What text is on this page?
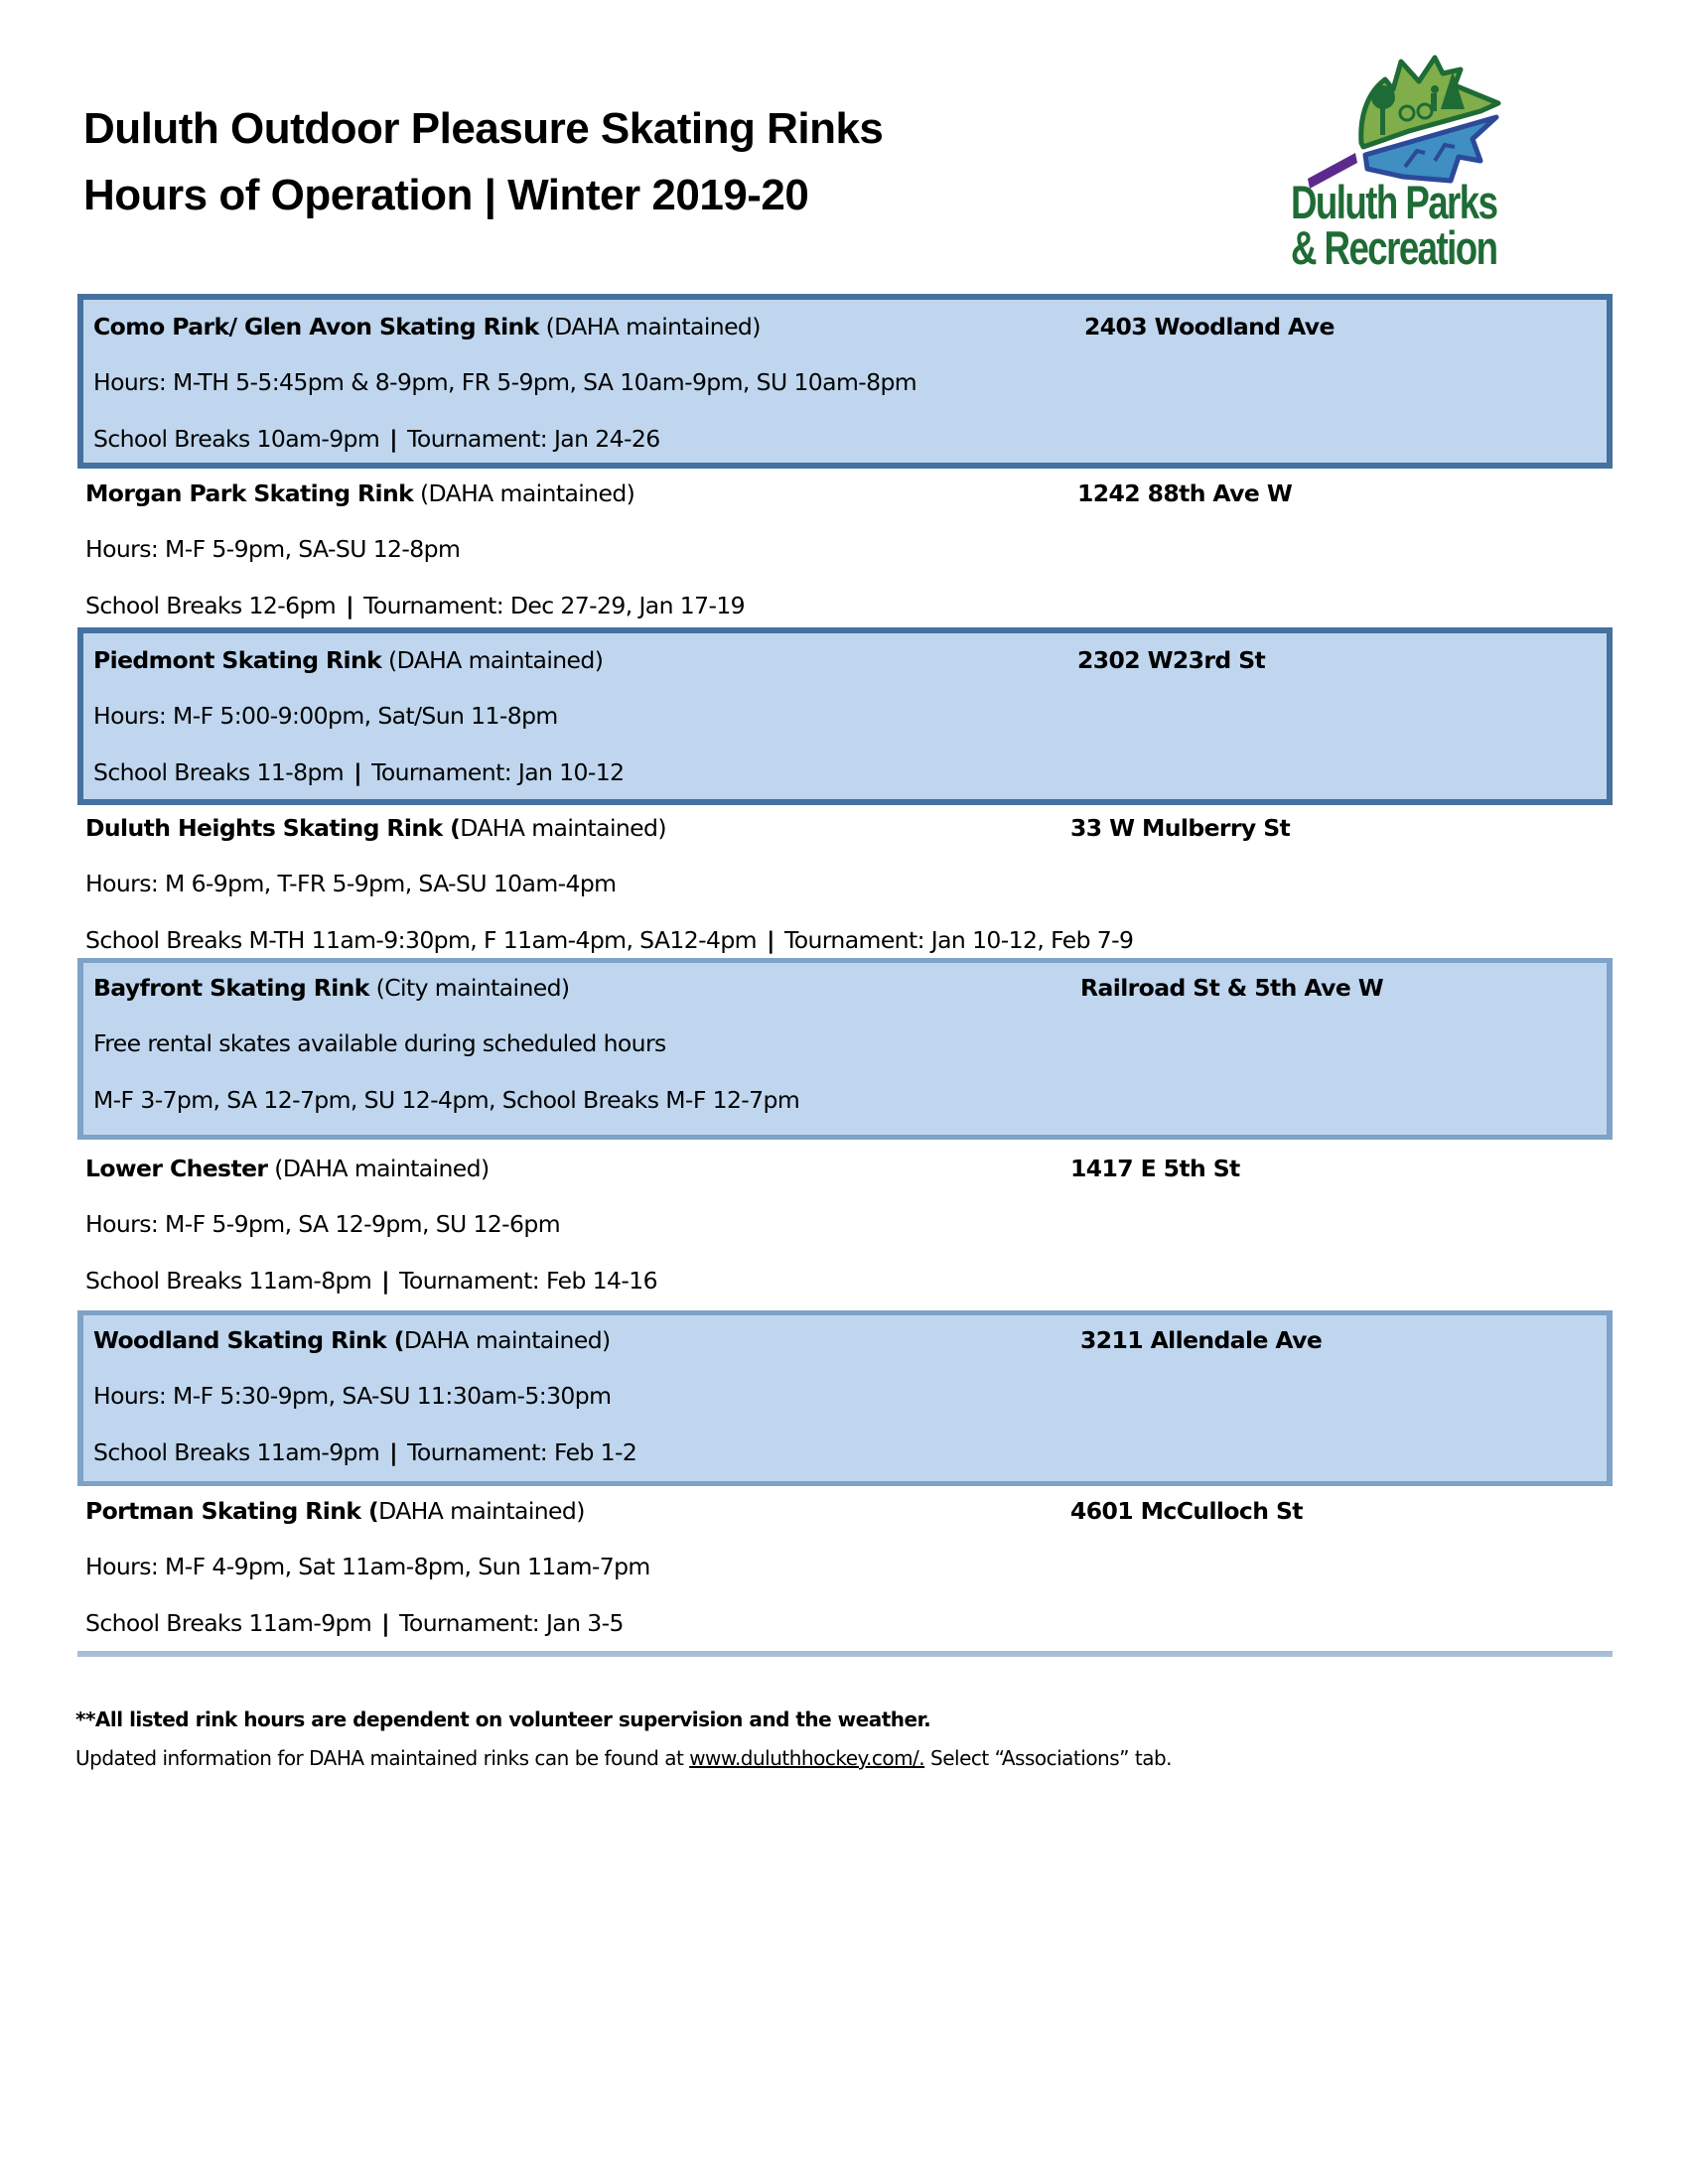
Duluth Outdoor Pleasure Skating Rinks
Hours of Operation | Winter 2019-20	Duluth Parks
& Recreation
Como Park/ Glen Avon Skating Rink (DAHA maintained)	2403 Woodland Ave
Hours: M-TH 5-5:45pm & 8-9pm, FR 5-9pm, SA 10am-9pm, SU 10am-8pm
School Breaks 10am-9pm | Tournament: Jan 24-26
Morgan Park Skating Rink (DAHA maintained)	1242 88th Ave W
Hours: M-F 5-9pm, SA-SU 12-8pm
School Breaks 12-6pm | Tournament: Dec 27-29, Jan 17-19
Piedmont Skating Rink (DAHA maintained)	2302 W23rd St
Hours: M-F 5:00-9:00pm, Sat/Sun 11-8pm
School Breaks 11-8pm | Tournament: Jan 10-12
Duluth Heights Skating Rink (DAHA maintained)	33 W Mulberry St
Hours: M 6-9pm, T-FR 5-9pm, SA-SU 10am-4pm
School Breaks M-TH 11am-9:30pm, F 11am-4pm, SA12-4pm | Tournament: Jan 10-12, Feb 7-9
Bayfront Skating Rink (City maintained)	Railroad St & 5th Ave W
Free rental skates available during scheduled hours
M-F 3-7pm, SA 12-7pm, SU 12-4pm, School Breaks M-F 12-7pm
Lower Chester (DAHA maintained)	1417 E 5th St
Hours: M-F 5-9pm, SA 12-9pm, SU 12-6pm
School Breaks 11am-8pm | Tournament: Feb 14-16
Woodland Skating Rink (DAHA maintained)	3211 Allendale Ave
Hours: M-F 5:30-9pm, SA-SU 11:30am-5:30pm
School Breaks 11am-9pm | Tournament: Feb 1-2
Portman Skating Rink (DAHA maintained)	4601 McCulloch St
Hours: M-F 4-9pm, Sat 11am-8pm, Sun 11am-7pm
School Breaks 11am-9pm | Tournament: Jan 3-5
**All listed rink hours are dependent on volunteer supervision and the weather.
Updated information for DAHA maintained rinks can be found at www.duluthhockey.com/. Select “Associations” tab.
